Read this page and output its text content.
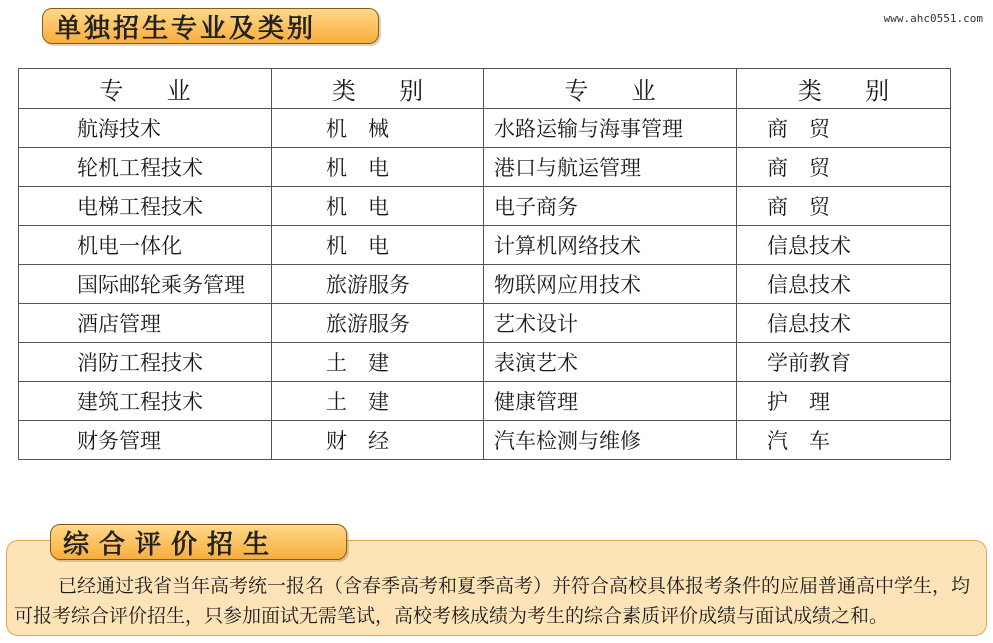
单独招生专业及类别	www.ahc0551.com
专业	类别	专业	类别
航海技术	机　械	水路运输与海事管理	商　贸
轮机工程技术	机　电	港口与航运管理	商　贸
电梯工程技术	机　电	电子商务	商　贸
机电一体化	机　电	计算机网络技术	信息技术
国际邮轮乘务管理	旅游服务	物联网应用技术	信息技术
酒店管理	旅游服务	艺术设计	信息技术
消防工程技术	土　建	表演艺术	学前教育
建筑工程技术	土　建	健康管理	护　理
财务管理	财　经	汽车检测与维修	汽　车
综合评价招生
已经通过我省当年高考统一报名（含春季高考和夏季高考）并符合高校具体报考条件的应届普通高中学生，均可报考综合评价招生，只参加面试无需笔试，高校考核成绩为考生的综合素质评价成绩与面试成绩之和。
